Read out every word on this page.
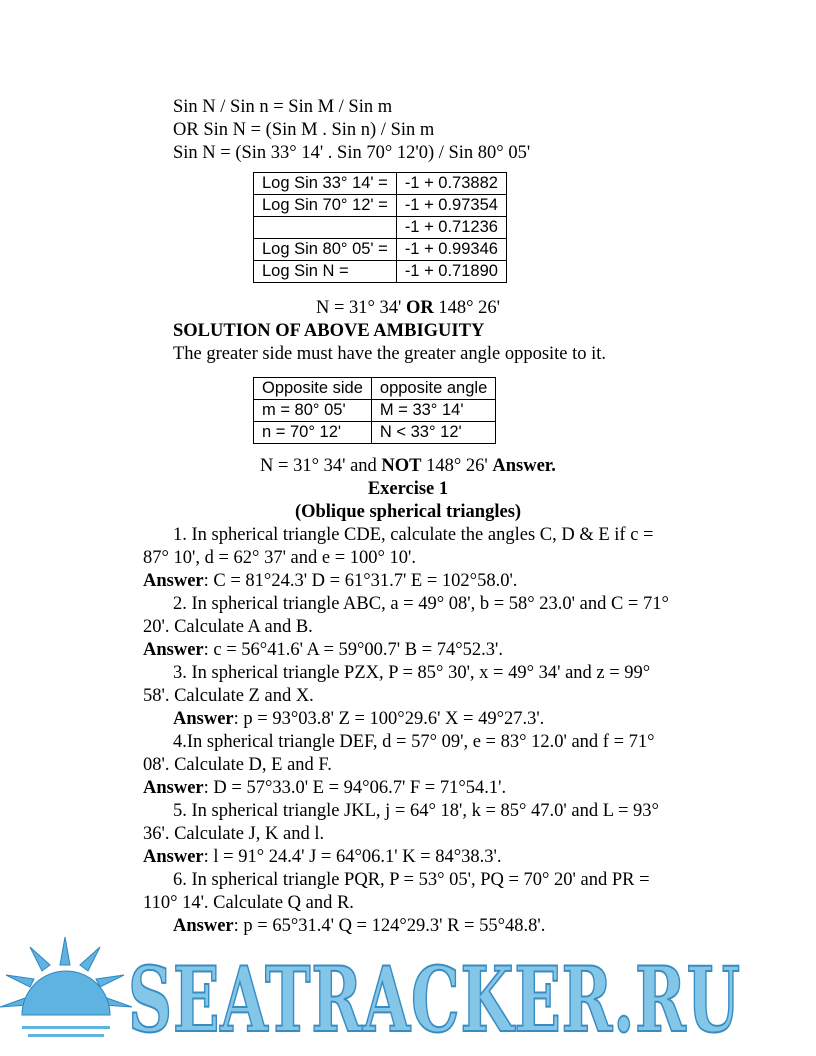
Sin N / Sin n = Sin M / Sin m
OR Sin N = (Sin M . Sin n) / Sin m
Sin N = (Sin 33° 14' . Sin 70° 12'0) / Sin 80° 05'
Log Sin 33° 14' =	-1 + 0.73882
Log Sin 70° 12' =	-1 + 0.97354
	-1 + 0.71236
Log Sin 80° 05' =	-1 + 0.99346
Log Sin N =	-1 + 0.71890
N = 31° 34' OR 148° 26'
SOLUTION OF ABOVE AMBIGUITY
The greater side must have the greater angle opposite to it.
Opposite side	opposite angle
m = 80° 05'	M = 33° 14'
n = 70° 12'	N < 33° 12'
N = 31° 34' and NOT 148° 26' Answer.
Exercise 1
(Oblique spherical triangles)
1. In spherical triangle CDE, calculate the angles C, D & E if c =
87° 10', d = 62° 37' and e = 100° 10'.
Answer: C = 81°24.3' D = 61°31.7' E = 102°58.0'.
2. In spherical triangle ABC, a = 49° 08', b = 58° 23.0' and C = 71°
20'. Calculate A and B.
Answer: c = 56°41.6' A = 59°00.7' B = 74°52.3'.
3. In spherical triangle PZX, P = 85° 30', x = 49° 34' and z = 99°
58'. Calculate Z and X.
Answer: p = 93°03.8' Z = 100°29.6' X = 49°27.3'.
4.In spherical triangle DEF, d = 57° 09', e = 83° 12.0' and f = 71°
08'. Calculate D, E and F.
Answer: D = 57°33.0' E = 94°06.7' F = 71°54.1'.
5. In spherical triangle JKL, j = 64° 18', k = 85° 47.0' and L = 93°
36'. Calculate J, K and l.
Answer: l = 91° 24.4' J = 64°06.1' K = 84°38.3'.
6. In spherical triangle PQR, P = 53° 05', PQ = 70° 20' and PR =
110° 14'. Calculate Q and R.
Answer: p = 65°31.4' Q = 124°29.3' R = 55°48.8'.
SEATRACKER.RU
